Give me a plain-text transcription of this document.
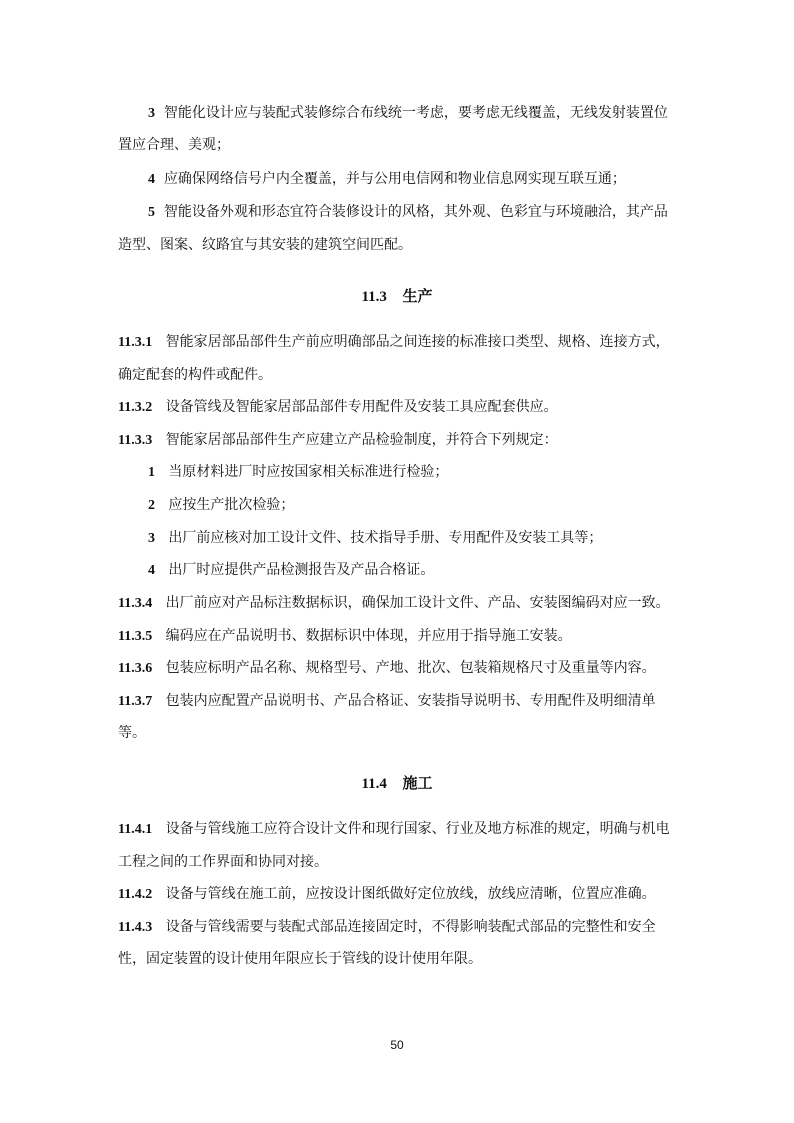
3 智能化设计应与装配式装修综合布线统一考虑，要考虑无线覆盖，无线发射装置位
置应合理、美观；
4 应确保网络信号户内全覆盖，并与公用电信网和物业信息网实现互联互通；
5 智能设备外观和形态宜符合装修设计的风格，其外观、色彩宜与环境融洽，其产品
造型、图案、纹路宜与其安装的建筑空间匹配。
11.3 生产
11.3.1 智能家居部品部件生产前应明确部品之间连接的标准接口类型、规格、连接方式，
确定配套的构件或配件。
11.3.2 设备管线及智能家居部品部件专用配件及安装工具应配套供应。
11.3.3 智能家居部品部件生产应建立产品检验制度，并符合下列规定：
1 当原材料进厂时应按国家相关标准进行检验；
2 应按生产批次检验；
3 出厂前应核对加工设计文件、技术指导手册、专用配件及安装工具等；
4 出厂时应提供产品检测报告及产品合格证。
11.3.4 出厂前应对产品标注数据标识，确保加工设计文件、产品、安装图编码对应一致。
11.3.5 编码应在产品说明书、数据标识中体现，并应用于指导施工安装。
11.3.6 包装应标明产品名称、规格型号、产地、批次、包装箱规格尺寸及重量等内容。
11.3.7 包装内应配置产品说明书、产品合格证、安装指导说明书、专用配件及明细清单
等。
11.4 施工
11.4.1 设备与管线施工应符合设计文件和现行国家、行业及地方标准的规定，明确与机电
工程之间的工作界面和协同对接。
11.4.2 设备与管线在施工前，应按设计图纸做好定位放线，放线应清晰，位置应准确。
11.4.3 设备与管线需要与装配式部品连接固定时，不得影响装配式部品的完整性和安全
性，固定装置的设计使用年限应长于管线的设计使用年限。
50
